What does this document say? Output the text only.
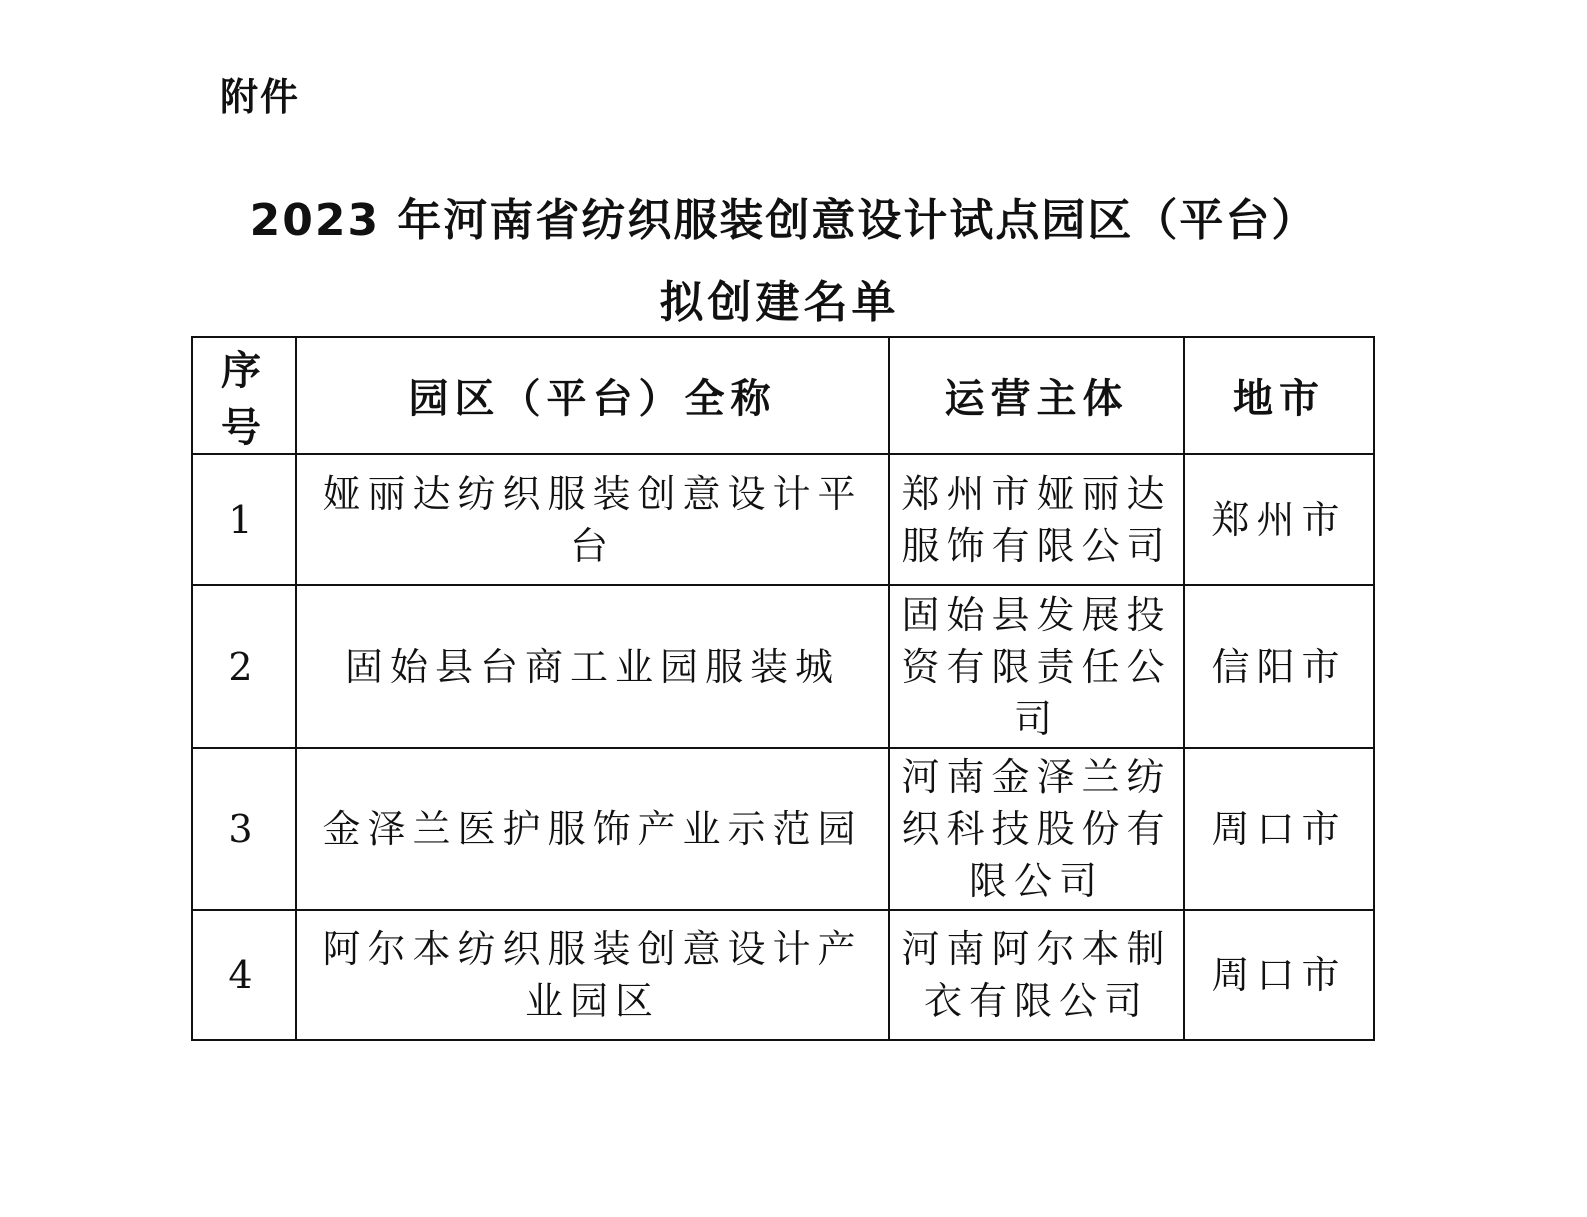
附件
2023 年河南省纺织服装创意设计试点园区（平台）
拟创建名单
序号	园区（平台）全称	运营主体	地市
1	娅丽达纺织服装创意设计平台	郑州市娅丽达服饰有限公司	郑州市
2	固始县台商工业园服装城	固始县发展投资有限责任公司	信阳市
3	金泽兰医护服饰产业示范园	河南金泽兰纺织科技股份有限公司	周口市
4	阿尔本纺织服装创意设计产业园区	河南阿尔本制衣有限公司	周口市
